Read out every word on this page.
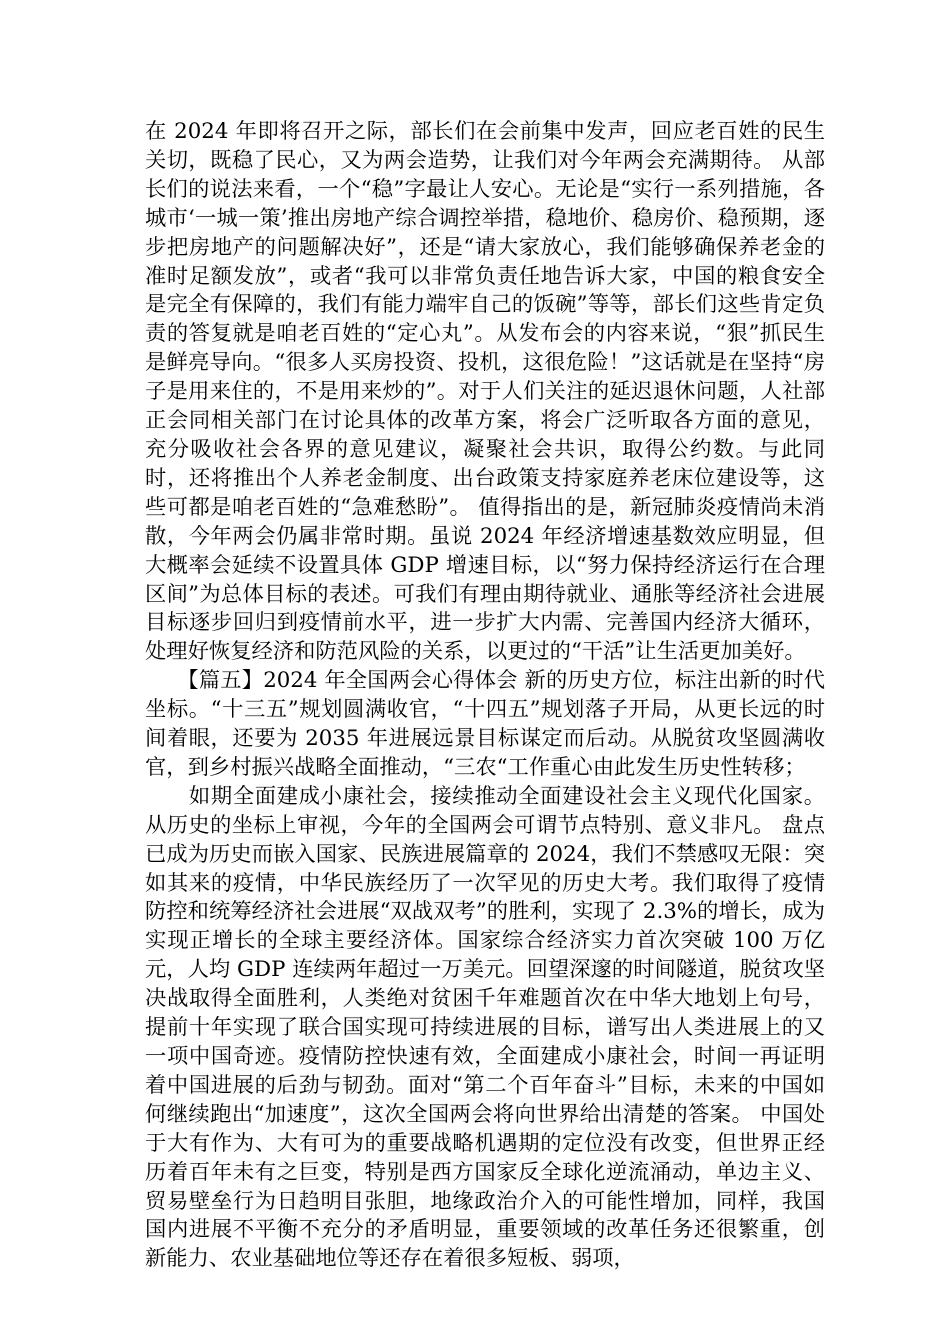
在 2024 年即将召开之际，部长们在会前集中发声，回应老百姓的民生关切，既稳了民心，又为两会造势，让我们对今年两会充满期待。 从部长们的说法来看，一个“稳”字最让人安心。无论是“实行一系列措施，各城市‘一城一策’推出房地产综合调控举措，稳地价、稳房价、稳预期，逐步把房地产的问题解决好”，还是“请大家放心，我们能够确保养老金的准时足额发放”，或者“我可以非常负责任地告诉大家，中国的粮食安全是完全有保障的，我们有能力端牢自己的饭碗”等等，部长们这些肯定负责的答复就是咱老百姓的“定心丸”。从发布会的内容来说，“狠”抓民生是鲜亮导向。“很多人买房投资、投机，这很危险！”这话就是在坚持“房子是用来住的，不是用来炒的”。对于人们关注的延迟退休问题，人社部正会同相关部门在讨论具体的改革方案，将会广泛听取各方面的意见，充分吸收社会各界的意见建议，凝聚社会共识，取得公约数。与此同时，还将推出个人养老金制度、出台政策支持家庭养老床位建设等，这些可都是咱老百姓的“急难愁盼”。 值得指出的是，新冠肺炎疫情尚未消散，今年两会仍属非常时期。虽说 2024 年经济增速基数效应明显，但大概率会延续不设置具体 GDP 增速目标，以“努力保持经济运行在合理区间”为总体目标的表述。可我们有理由期待就业、通胀等经济社会进展目标逐步回归到疫情前水平，进一步扩大内需、完善国内经济大循环，处理好恢复经济和防范风险的关系，以更过的“干活”让生活更加美好。

　　【篇五】2024 年全国两会心得体会 新的历史方位，标注出新的时代坐标。“十三五”规划圆满收官，“十四五”规划落子开局，从更长远的时间着眼，还要为 2035 年进展远景目标谋定而后动。从脱贫攻坚圆满收官，到乡村振兴战略全面推动，“三农“工作重心由此发生历史性转移；

　　如期全面建成小康社会，接续推动全面建设社会主义现代化国家。从历史的坐标上审视，今年的全国两会可谓节点特别、意义非凡。 盘点已成为历史而嵌入国家、民族进展篇章的 2024，我们不禁感叹无限：突如其来的疫情，中华民族经历了一次罕见的历史大考。我们取得了疫情防控和统筹经济社会进展“双战双考”的胜利，实现了 2.3%的增长，成为实现正增长的全球主要经济体。国家综合经济实力首次突破 100 万亿元，人均 GDP 连续两年超过一万美元。回望深邃的时间隧道，脱贫攻坚决战取得全面胜利，人类绝对贫困千年难题首次在中华大地划上句号，提前十年实现了联合国实现可持续进展的目标，谱写出人类进展上的又一项中国奇迹。疫情防控快速有效，全面建成小康社会，时间一再证明着中国进展的后劲与韧劲。面对“第二个百年奋斗”目标，未来的中国如何继续跑出“加速度”，这次全国两会将向世界给出清楚的答案。 中国处于大有作为、大有可为的重要战略机遇期的定位没有改变，但世界正经历着百年未有之巨变，特别是西方国家反全球化逆流涌动，单边主义、贸易壁垒行为日趋明目张胆，地缘政治介入的可能性增加，同样，我国国内进展不平衡不充分的矛盾明显，重要领域的改革任务还很繁重，创新能力、农业基础地位等还存在着很多短板、弱项，
